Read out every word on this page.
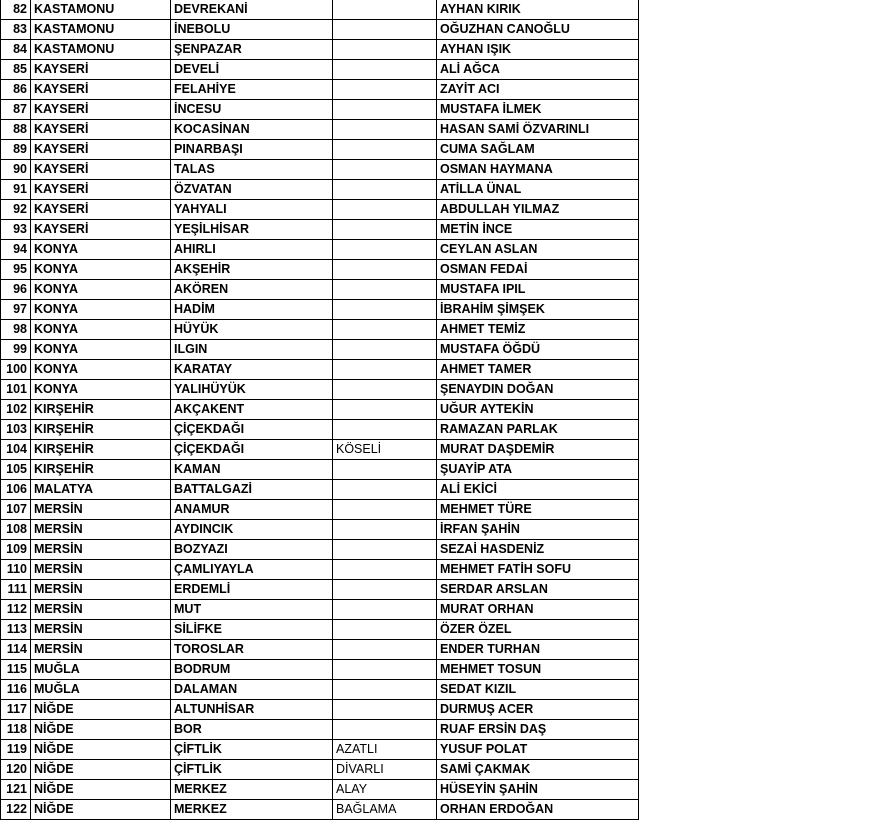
82	KASTAMONU	DEVREKANİ		AYHAN KIRIK
83	KASTAMONU	İNEBOLU		OĞUZHAN CANOĞLU
84	KASTAMONU	ŞENPAZAR		AYHAN IŞIK
85	KAYSERİ	DEVELİ		ALİ AĞCA
86	KAYSERİ	FELAHİYE		ZAYİT ACI
87	KAYSERİ	İNCESU		MUSTAFA İLMEK
88	KAYSERİ	KOCASİNAN		HASAN SAMİ ÖZVARINLI
89	KAYSERİ	PINARBAŞI		CUMA SAĞLAM
90	KAYSERİ	TALAS		OSMAN HAYMANA
91	KAYSERİ	ÖZVATAN		ATİLLA ÜNAL
92	KAYSERİ	YAHYALI		ABDULLAH YILMAZ
93	KAYSERİ	YEŞİLHİSAR		METİN İNCE
94	KONYA	AHIRLI		CEYLAN ASLAN
95	KONYA	AKŞEHİR		OSMAN FEDAİ
96	KONYA	AKÖREN		MUSTAFA IPIL
97	KONYA	HADİM		İBRAHİM ŞİMŞEK
98	KONYA	HÜYÜK		AHMET TEMİZ
99	KONYA	ILGIN		MUSTAFA ÖĞDÜ
100	KONYA	KARATAY		AHMET TAMER
101	KONYA	YALIHÜYÜK		ŞENAYDIN DOĞAN
102	KIRŞEHİR	AKÇAKENT		UĞUR AYTEKİN
103	KIRŞEHİR	ÇİÇEKDAĞI		RAMAZAN PARLAK
104	KIRŞEHİR	ÇİÇEKDAĞI	KÖSELİ	MURAT DAŞDEMİR
105	KIRŞEHİR	KAMAN		ŞUAYİP ATA
106	MALATYA	BATTALGAZİ		ALİ EKİCİ
107	MERSİN	ANAMUR		MEHMET TÜRE
108	MERSİN	AYDINCIK		İRFAN ŞAHİN
109	MERSİN	BOZYAZI		SEZAİ HASDENİZ
110	MERSİN	ÇAMLIYAYLA		MEHMET FATİH SOFU
111	MERSİN	ERDEMLİ		SERDAR ARSLAN
112	MERSİN	MUT		MURAT ORHAN
113	MERSİN	SİLİFKE		ÖZER ÖZEL
114	MERSİN	TOROSLAR		ENDER TURHAN
115	MUĞLA	BODRUM		MEHMET TOSUN
116	MUĞLA	DALAMAN		SEDAT KIZIL
117	NİĞDE	ALTUNHİSAR		DURMUŞ ACER
118	NİĞDE	BOR		RUAF ERSİN DAŞ
119	NİĞDE	ÇİFTLİK	AZATLI	YUSUF POLAT
120	NİĞDE	ÇİFTLİK	DİVARLI	SAMİ ÇAKMAK
121	NİĞDE	MERKEZ	ALAY	HÜSEYİN ŞAHİN
122	NİĞDE	MERKEZ	BAĞLAMA	ORHAN ERDOĞAN
